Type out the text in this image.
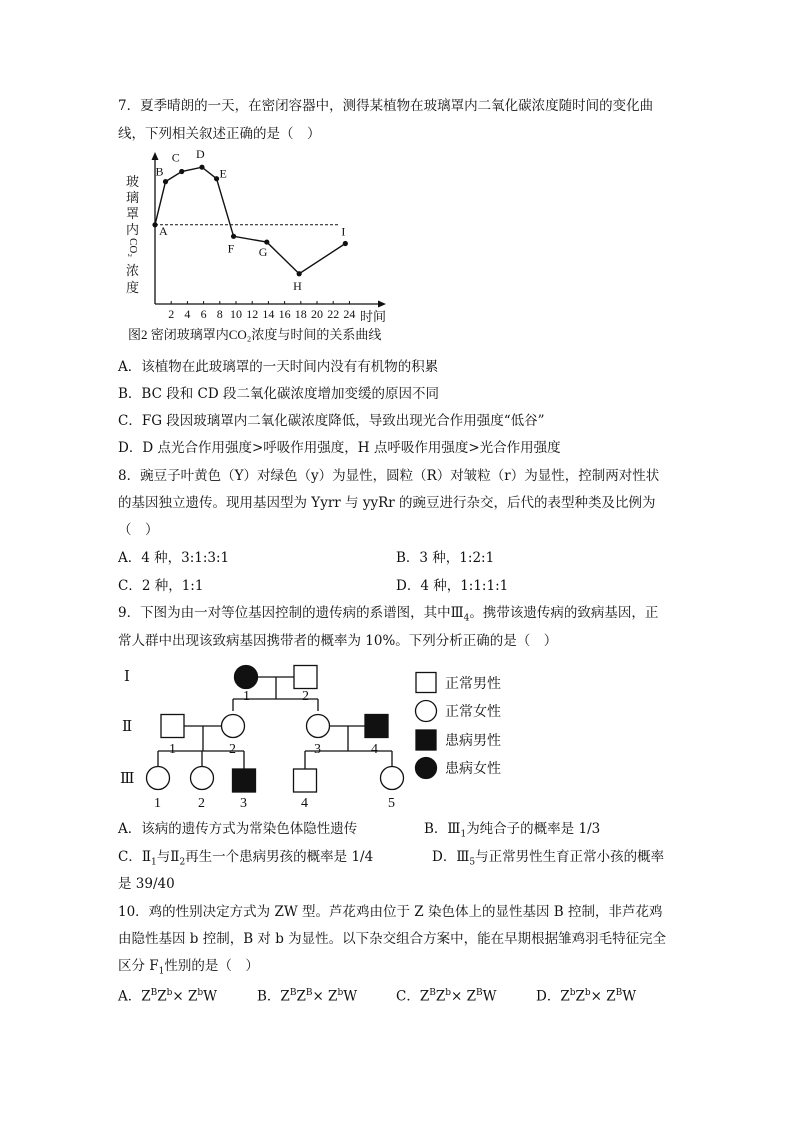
7．夏季晴朗的一天，在密闭容器中，测得某植物在玻璃罩内二氧化碳浓度随时间的变化曲
线，下列相关叙述正确的是（　）
玻
璃
罩
内
CO₂
浓
度
2 4 6 8 10 12 14 16 18 20 22 24
A
B
C D
E
F G
H
I
时间
图2 密闭玻璃罩内CO₂浓度与时间的关系曲线
A．该植物在此玻璃罩的一天时间内没有有机物的积累
B．BC 段和 CD 段二氧化碳浓度增加变缓的原因不同
C．FG 段因玻璃罩内二氧化碳浓度降低，导致出现光合作用强度“低谷”
D．D 点光合作用强度>呼吸作用强度，H 点呼吸作用强度>光合作用强度
8．豌豆子叶黄色（Y）对绿色（y）为显性，圆粒（R）对皱粒（r）为显性，控制两对性状
的基因独立遗传。现用基因型为 Yyrr 与 yyRr 的豌豆进行杂交，后代的表型种类及比例为
（　）
A．4 种，3:1:3:1	B．3 种，1:2:1
C．2 种，1:1	D．4 种，1:1:1:1
9．下图为由一对等位基因控制的遗传病的系谱图，其中$Ⅲ_4$。携带该遗传病的致病基因，正
常人群中出现该致病基因携带者的概率为 10%。下列分析正确的是（　）
Ⅰ
Ⅱ
Ⅲ
1	2
1	2	3	4
1	2	3	4	5
正常男性
正常女性
患病男性
患病女性
A．该病的遗传方式为常染色体隐性遗传	B．$Ⅲ_1$为纯合子的概率是 1/3
C．$Ⅱ_1$与$Ⅱ_2$再生一个患病男孩的概率是 1/4	D．$Ⅲ_5$与正常男性生育正常小孩的概率
是 39/40
10．鸡的性别决定方式为 ZW 型。芦花鸡由位于 Z 染色体上的显性基因 B 控制，非芦花鸡
由隐性基因 b 控制，B 对 b 为显性。以下杂交组合方案中，能在早期根据雏鸡羽毛特征完全
区分 $F_1$性别的是（　）
A．$Z^BZ^b\times Z^bW$	B．$Z^BZ^B\times Z^bW$	C．$Z^BZ^b\times Z^BW$	D．$Z^bZ^b\times Z^BW$
